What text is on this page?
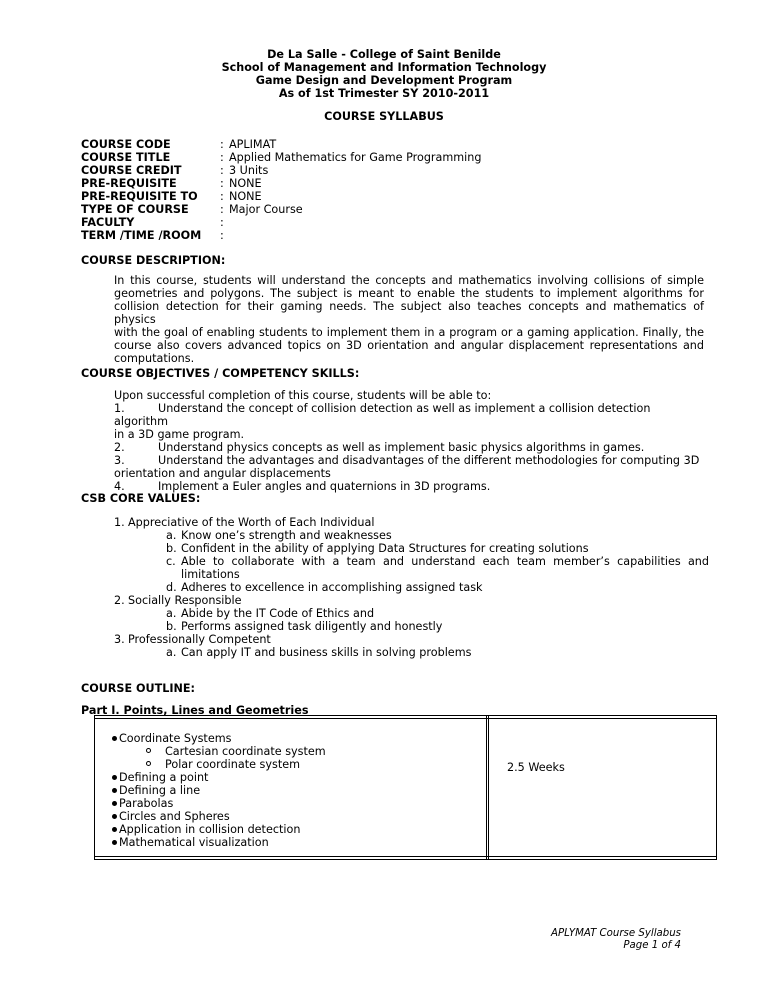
De La Salle - College of Saint Benilde
School of Management and Information Technology
Game Design and Development Program
As of 1st Trimester SY 2010-2011
COURSE SYLLABUS
COURSE CODE	: APLIMAT
COURSE TITLE	: Applied Mathematics for Game Programming
COURSE CREDIT	: 3 Units
PRE-REQUISITE	: NONE
PRE-REQUISITE TO : NONE
TYPE OF COURSE	: Major Course
FACULTY	:
TERM /TIME /ROOM :
COURSE DESCRIPTION:
In this course, students will understand the concepts and mathematics involving collisions of simple
geometries and polygons. The subject is meant to enable the students to implement algorithms for
collision detection for their gaming needs. The subject also teaches concepts and mathematics of physics
with the goal of enabling students to implement them in a program or a gaming application. Finally, the
course also covers advanced topics on 3D orientation and angular displacement representations and
computations.
COURSE OBJECTIVES / COMPETENCY SKILLS:
Upon successful completion of this course, students will be able to:
1.	Understand the concept of collision detection as well as implement a collision detection algorithm
in a 3D game program.
2.	Understand physics concepts as well as implement basic physics algorithms in games.
3.	Understand the advantages and disadvantages of the different methodologies for computing 3D
orientation and angular displacements
4.	Implement a Euler angles and quaternions in 3D programs.
CSB CORE VALUES:
1. Appreciative of the Worth of Each Individual
a. Know one’s strength and weaknesses
b. Confident in the ability of applying Data Structures for creating solutions
c. Able to collaborate with a team and understand each team member’s capabilities and
limitations
d. Adheres to excellence in accomplishing assigned task
2. Socially Responsible
a. Abide by the IT Code of Ethics and
b. Performs assigned task diligently and honestly
3. Professionally Competent
a. Can apply IT and business skills in solving problems
COURSE OUTLINE:
Part I. Points, Lines and Geometries
Coordinate Systems
Cartesian coordinate system
Polar coordinate system
Defining a point
Defining a line
Parabolas
Circles and Spheres
Application in collision detection
Mathematical visualization
2.5 Weeks
APLYMAT Course Syllabus
Page 1 of 4
